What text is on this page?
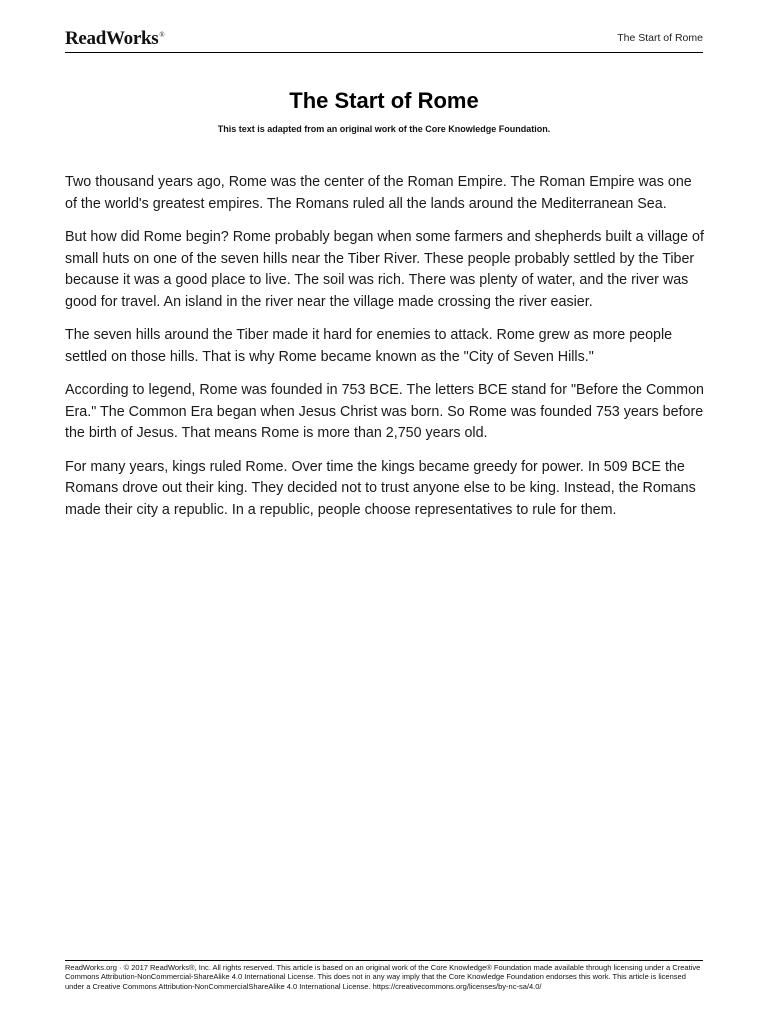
ReadWorks®	The Start of Rome
The Start of Rome
This text is adapted from an original work of the Core Knowledge Foundation.

Two thousand years ago, Rome was the center of the Roman Empire. The Roman Empire was one of the world's greatest empires. The Romans ruled all the lands around the Mediterranean Sea.

But how did Rome begin? Rome probably began when some farmers and shepherds built a village of small huts on one of the seven hills near the Tiber River. These people probably settled by the Tiber because it was a good place to live. The soil was rich. There was plenty of water, and the river was good for travel. An island in the river near the village made crossing the river easier.

The seven hills around the Tiber made it hard for enemies to attack. Rome grew as more people settled on those hills. That is why Rome became known as the "City of Seven Hills."

According to legend, Rome was founded in 753 BCE. The letters BCE stand for "Before the Common Era." The Common Era began when Jesus Christ was born. So Rome was founded 753 years before the birth of Jesus. That means Rome is more than 2,750 years old.

For many years, kings ruled Rome. Over time the kings became greedy for power. In 509 BCE the Romans drove out their king. They decided not to trust anyone else to be king. Instead, the Romans made their city a republic. In a republic, people choose representatives to rule for them.

ReadWorks.org · © 2017 ReadWorks®, Inc. All rights reserved. This article is based on an original work of the Core Knowledge® Foundation made available through licensing under a Creative Commons Attribution-NonCommercial-ShareAlike 4.0 International License. This does not in any way imply that the Core Knowledge Foundation endorses this work. This article is licensed under a Creative Commons Attribution-NonCommercialShareAlike 4.0 International License. https://creativecommons.org/licenses/by-nc-sa/4.0/
